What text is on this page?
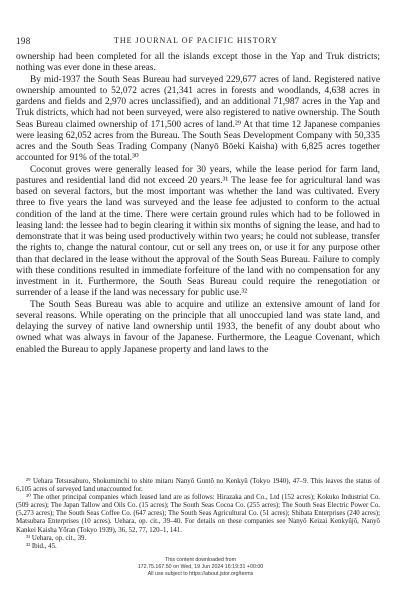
198	THE JOURNAL OF PACIFIC HISTORY

ownership had been completed for all the islands except those in the Yap and Truk districts; nothing was ever done in these areas.

By mid-1937 the South Seas Bureau had surveyed 229,677 acres of land. Registered native ownership amounted to 52,072 acres (21,341 acres in forests and woodlands, 4,638 acres in gardens and fields and 2,970 acres unclassified), and an additional 71,987 acres in the Yap and Truk districts, which had not been surveyed, were also registered to native ownership. The South Seas Bureau claimed ownership of 171,500 acres of land.²⁹ At that time 12 Japanese companies were leasing 62,052 acres from the Bureau. The South Seas Development Company with 50,335 acres and the South Seas Trading Company (Nanyō Bōeki Kaisha) with 6,825 acres together accounted for 91% of the total.³⁰

Coconut groves were generally leased for 30 years, while the lease period for farm land, pastures and residential land did not exceed 20 years.³¹ The lease fee for agricultural land was based on several factors, but the most important was whether the land was cultivated. Every three to five years the land was surveyed and the lease fee adjusted to conform to the actual condition of the land at the time. There were certain ground rules which had to be followed in leasing land: the lessee had to begin clearing it within six months of signing the lease, and had to demonstrate that it was being used productively within two years; he could not sublease, transfer the rights to, change the natural contour, cut or sell any trees on, or use it for any purpose other than that declared in the lease without the approval of the South Seas Bureau. Failure to comply with these conditions resulted in immediate forfeiture of the land with no compensation for any investment in it. Furthermore, the South Seas Bureau could require the renegotiation or surrender of a lease if the land was necessary for public use.³²

The South Seas Bureau was able to acquire and utilize an extensive amount of land for several reasons. While operating on the principle that all unoccupied land was state land, and delaying the survey of native land ownership until 1933, the benefit of any doubt about who owned what was always in favour of the Japanese. Furthermore, the League Covenant, which enabled the Bureau to apply Japanese property and land laws to the

²⁹ Uehara Tetsusaburo, Shokuminchi to shite mitaru Nanyō Guntō no Kenkyū (Tokyo 1940), 47–9. This leaves the status of 6,105 acres of surveyed land unaccounted for.

³⁰ The other principal companies which leased land are as follows: Hirazaka and Co., Ltd (152 acres); Kokuko Industrial Co. (509 acres); The Japan Tallow and Oils Co. (15 acres); The South Seas Cocoa Co. (255 acres); The South Seas Electric Power Co. (5,273 acres); The South Seas Coffee Co. (647 acres); The South Seas Agricultural Co. (51 acres); Shibata Enterprises (240 acres); Matsubara Enterprises (10 acres). Uehara, op. cit., 39–40. For details on these companies see Nanyō Keizai Kenkyūjō, Nanyō Kankei Kaisha Yōran (Tokyo 1939), 36, 52, 77, 120–1, 141.

³¹ Uehara, op. cit., 39.

³² Ibid., 45.

This content downloaded from
172.75.167.50 on Wed, 19 Jun 2024 16:19:31 +00:00
All use subject to https://about.jstor.org/terms
